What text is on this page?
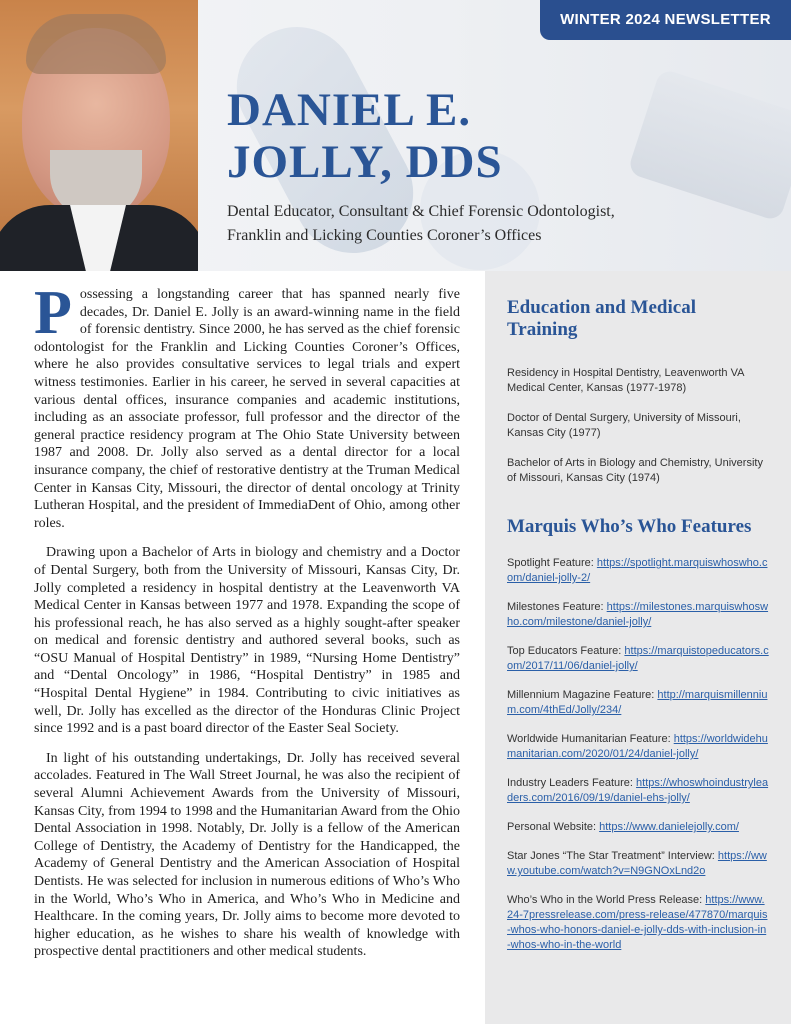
WINTER 2024 NEWSLETTER
DANIEL E.
JOLLY, DDS

Dental Educator, Consultant & Chief Forensic Odontologist,
Franklin and Licking Counties Coroner’s Offices

Possessing a longstanding career that has spanned nearly five decades, Dr. Daniel E. Jolly is an award-winning name in the field of forensic dentistry. Since 2000, he has served as the chief forensic odontologist for the Franklin and Licking Counties Coroner’s Offices, where he also provides consultative services to legal trials and expert witness testimonies. Earlier in his career, he served in several capacities at various dental offices, insurance companies and academic institutions, including as an associate professor, full professor and the director of the general practice residency program at The Ohio State University between 1987 and 2008. Dr. Jolly also served as a dental director for a local insurance company, the chief of restorative dentistry at the Truman Medical Center in Kansas City, Missouri, the director of dental oncology at Trinity Lutheran Hospital, and the president of ImmediaDent of Ohio, among other roles.

Drawing upon a Bachelor of Arts in biology and chemistry and a Doctor of Dental Surgery, both from the University of Missouri, Kansas City, Dr. Jolly completed a residency in hospital dentistry at the Leavenworth VA Medical Center in Kansas between 1977 and 1978. Expanding the scope of his professional reach, he has also served as a highly sought-after speaker on medical and forensic dentistry and authored several books, such as “OSU Manual of Hospital Dentistry” in 1989, “Nursing Home Dentistry” and “Dental Oncology” in 1986, “Hospital Dentistry” in 1985 and “Hospital Dental Hygiene” in 1984. Contributing to civic initiatives as well, Dr. Jolly has excelled as the director of the Honduras Clinic Project since 1992 and is a past board director of the Easter Seal Society.

In light of his outstanding undertakings, Dr. Jolly has received several accolades. Featured in The Wall Street Journal, he was also the recipient of several Alumni Achievement Awards from the University of Missouri, Kansas City, from 1994 to 1998 and the Humanitarian Award from the Ohio Dental Association in 1998. Notably, Dr. Jolly is a fellow of the American College of Dentistry, the Academy of Dentistry for the Handicapped, the Academy of General Dentistry and the American Association of Hospital Dentists. He was selected for inclusion in numerous editions of Who’s Who in the World, Who’s Who in America, and Who’s Who in Medicine and Healthcare. In the coming years, Dr. Jolly aims to become more devoted to higher education, as he wishes to share his wealth of knowledge with prospective dental practitioners and other medical students.

Education and Medical Training

Residency in Hospital Dentistry, Leavenworth VA Medical Center, Kansas (1977-1978)

Doctor of Dental Surgery, University of Missouri, Kansas City (1977)

Bachelor of Arts in Biology and Chemistry, University of Missouri, Kansas City (1974)

Marquis Who’s Who Features

Spotlight Feature: https://spotlight.marquiswhoswho.com/daniel-jolly-2/

Milestones Feature: https://milestones.marquiswhoswho.com/milestone/daniel-jolly/

Top Educators Feature: https://marquistopeducators.com/2017/11/06/daniel-jolly/

Millennium Magazine Feature: http://marquismillennium.com/4thEd/Jolly/234/

Worldwide Humanitarian Feature: https://worldwidehumanitarian.com/2020/01/24/daniel-jolly/

Industry Leaders Feature: https://whoswhoindustryleaders.com/2016/09/19/daniel-ehs-jolly/

Personal Website: https://www.danielejolly.com/

Star Jones “The Star Treatment” Interview: https://www.youtube.com/watch?v=N9GNOxLnd2o

Who’s Who in the World Press Release: https://www.24-7pressrelease.com/press-release/477870/marquis-whos-who-honors-daniel-e-jolly-dds-with-inclusion-in-whos-who-in-the-world
